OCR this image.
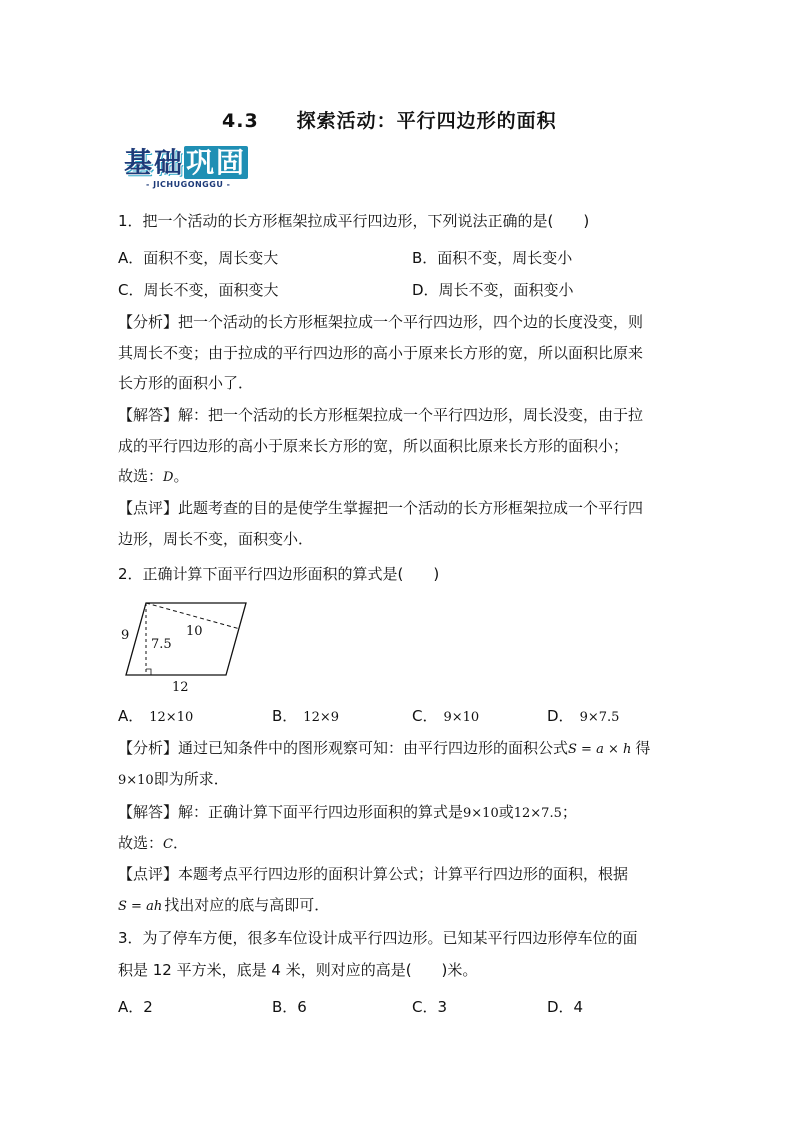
4.3 探索活动：平行四边形的面积
基础巩固
- JICHUGONGGU -
1．把一个活动的长方形框架拉成平行四边形，下列说法正确的是(　　)
A．面积不变，周长变大	B．面积不变，周长变小
C．周长不变，面积变大	D．周长不变，面积变小
【分析】把一个活动的长方形框架拉成一个平行四边形，四个边的长度没变，则
其周长不变；由于拉成的平行四边形的高小于原来长方形的宽，所以面积比原来
长方形的面积小了．
【解答】解：把一个活动的长方形框架拉成一个平行四边形，周长没变，由于拉
成的平行四边形的高小于原来长方形的宽，所以面积比原来长方形的面积小；
故选：D。
【点评】此题考查的目的是使学生掌握把一个活动的长方形框架拉成一个平行四
边形，周长不变，面积变小．
2．正确计算下面平行四边形面积的算式是(　　)
9
7.5
10
12
A． 12×10	B． 12×9	C． 9×10	D． 9×7.5
【分析】通过已知条件中的图形观察可知：由平行四边形的面积公式S = a × h 得
9×10即为所求．
【解答】解：正确计算下面平行四边形面积的算式是9×10或12×7.5；
故选：C．
【点评】本题考点平行四边形的面积计算公式；计算平行四边形的面积，根据
S = ah 找出对应的底与高即可．
3．为了停车方便，很多车位设计成平行四边形。已知某平行四边形停车位的面
积是 12 平方米，底是 4 米，则对应的高是(　　)米。
A．2	B．6	C．3	D．4
